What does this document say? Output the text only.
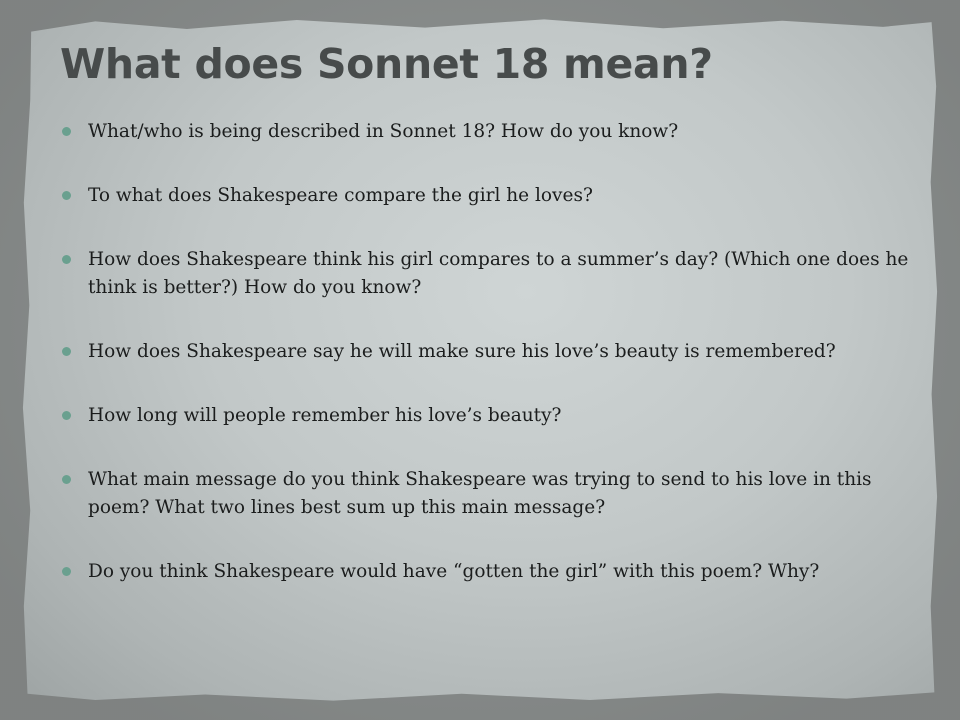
What does Sonnet 18 mean?
What/who is being described in Sonnet 18? How do you know?
To what does Shakespeare compare the girl he loves?
How does Shakespeare think his girl compares to a summer’s day? (Which one does he think is better?) How do you know?
How does Shakespeare say he will make sure his love’s beauty is remembered?
How long will people remember his love’s beauty?
What main message do you think Shakespeare was trying to send to his love in this poem? What two lines best sum up this main message?
Do you think Shakespeare would have “gotten the girl” with this poem? Why?
